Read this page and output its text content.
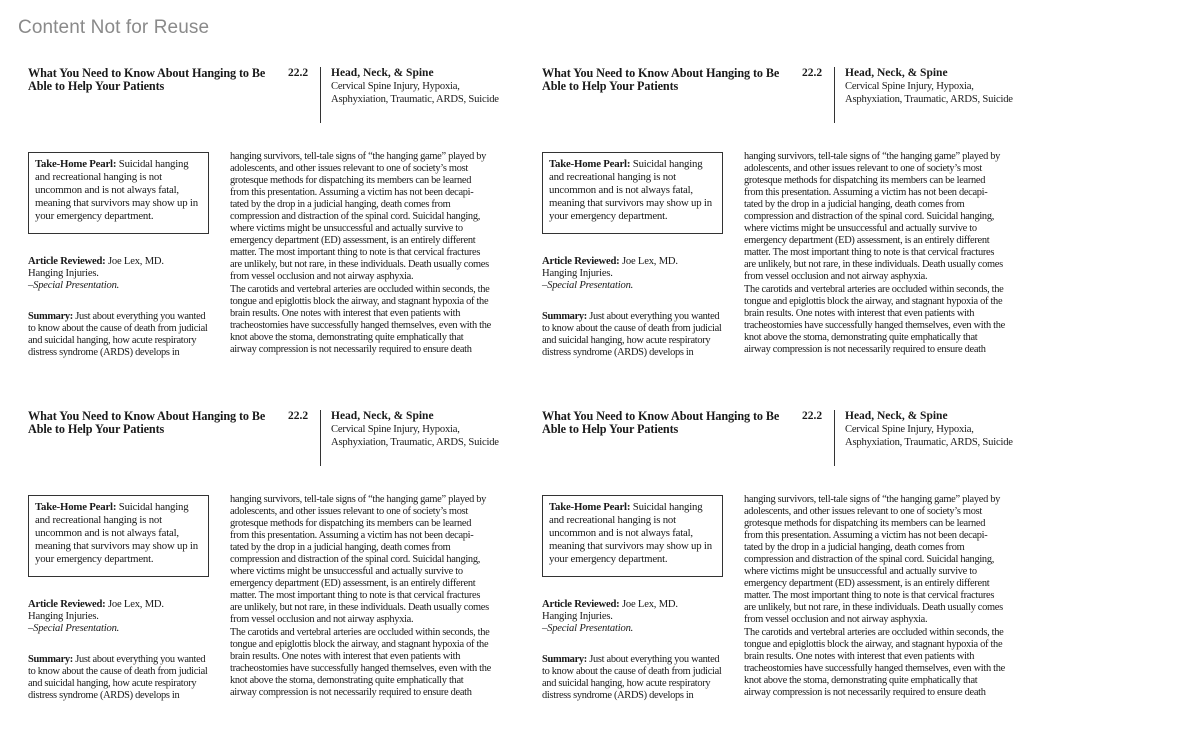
Content Not for Reuse
What You Need to Know About Hanging to Be Able to Help Your Patients
22.2 Head, Neck, & Spine
Cervical Spine Injury, Hypoxia, Asphyxiation, Traumatic, ARDS, Suicide
Take-Home Pearl: Suicidal hanging and recreational hanging is not uncommon and is not always fatal, meaning that survivors may show up in your emergency department.
Article Reviewed: Joe Lex, MD.
Hanging Injuries.
–Special Presentation.
Summary: Just about everything you wanted to know about the cause of death from judicial and suicidal hanging, how acute respiratory distress syndrome (ARDS) develops in

hanging survivors, tell-tale signs of “the hanging game” played by adolescents, and other issues relevant to one of society’s most grotesque methods for dispatching its members can be learned from this presentation. Assuming a victim has not been decapi-tated by the drop in a judicial hanging, death comes from compression and distraction of the spinal cord. Suicidal hanging, where victims might be unsuccessful and actually survive to emergency department (ED) assessment, is an entirely different matter. The most important thing to note is that cervical fractures are unlikely, but not rare, in these individuals. Death usually comes from vessel occlusion and not airway asphyxia.

The carotids and vertebral arteries are occluded within seconds, the tongue and epiglottis block the airway, and stagnant hypoxia of the brain results. One notes with interest that even patients with tracheostomies have successfully hanged themselves, even with the knot above the stoma, demonstrating quite emphatically that airway compression is not necessarily required to ensure death

What You Need to Know About Hanging to Be Able to Help Your Patients
22.2 Head, Neck, & Spine
Cervical Spine Injury, Hypoxia, Asphyxiation, Traumatic, ARDS, Suicide
Take-Home Pearl: Suicidal hanging and recreational hanging is not uncommon and is not always fatal, meaning that survivors may show up in your emergency department.
Article Reviewed: Joe Lex, MD.
Hanging Injuries.
–Special Presentation.
Summary: Just about everything you wanted to know about the cause of death from judicial and suicidal hanging, how acute respiratory distress syndrome (ARDS) develops in

hanging survivors, tell-tale signs of “the hanging game” played by adolescents, and other issues relevant to one of society’s most grotesque methods for dispatching its members can be learned from this presentation. Assuming a victim has not been decapi-tated by the drop in a judicial hanging, death comes from compression and distraction of the spinal cord. Suicidal hanging, where victims might be unsuccessful and actually survive to emergency department (ED) assessment, is an entirely different matter. The most important thing to note is that cervical fractures are unlikely, but not rare, in these individuals. Death usually comes from vessel occlusion and not airway asphyxia.

The carotids and vertebral arteries are occluded within seconds, the tongue and epiglottis block the airway, and stagnant hypoxia of the brain results. One notes with interest that even patients with tracheostomies have successfully hanged themselves, even with the knot above the stoma, demonstrating quite emphatically that airway compression is not necessarily required to ensure death

What You Need to Know About Hanging to Be Able to Help Your Patients
22.2 Head, Neck, & Spine
Cervical Spine Injury, Hypoxia, Asphyxiation, Traumatic, ARDS, Suicide
Take-Home Pearl: Suicidal hanging and recreational hanging is not uncommon and is not always fatal, meaning that survivors may show up in your emergency department.
Article Reviewed: Joe Lex, MD.
Hanging Injuries.
–Special Presentation.
Summary: Just about everything you wanted to know about the cause of death from judicial and suicidal hanging, how acute respiratory distress syndrome (ARDS) develops in

hanging survivors, tell-tale signs of “the hanging game” played by adolescents, and other issues relevant to one of society’s most grotesque methods for dispatching its members can be learned from this presentation. Assuming a victim has not been decapi-tated by the drop in a judicial hanging, death comes from compression and distraction of the spinal cord. Suicidal hanging, where victims might be unsuccessful and actually survive to emergency department (ED) assessment, is an entirely different matter. The most important thing to note is that cervical fractures are unlikely, but not rare, in these individuals. Death usually comes from vessel occlusion and not airway asphyxia.

The carotids and vertebral arteries are occluded within seconds, the tongue and epiglottis block the airway, and stagnant hypoxia of the brain results. One notes with interest that even patients with tracheostomies have successfully hanged themselves, even with the knot above the stoma, demonstrating quite emphatically that airway compression is not necessarily required to ensure death

What You Need to Know About Hanging to Be Able to Help Your Patients
22.2 Head, Neck, & Spine
Cervical Spine Injury, Hypoxia, Asphyxiation, Traumatic, ARDS, Suicide
Take-Home Pearl: Suicidal hanging and recreational hanging is not uncommon and is not always fatal, meaning that survivors may show up in your emergency department.
Article Reviewed: Joe Lex, MD.
Hanging Injuries.
–Special Presentation.
Summary: Just about everything you wanted to know about the cause of death from judicial and suicidal hanging, how acute respiratory distress syndrome (ARDS) develops in

hanging survivors, tell-tale signs of “the hanging game” played by adolescents, and other issues relevant to one of society’s most grotesque methods for dispatching its members can be learned from this presentation. Assuming a victim has not been decapi-tated by the drop in a judicial hanging, death comes from compression and distraction of the spinal cord. Suicidal hanging, where victims might be unsuccessful and actually survive to emergency department (ED) assessment, is an entirely different matter. The most important thing to note is that cervical fractures are unlikely, but not rare, in these individuals. Death usually comes from vessel occlusion and not airway asphyxia.

The carotids and vertebral arteries are occluded within seconds, the tongue and epiglottis block the airway, and stagnant hypoxia of the brain results. One notes with interest that even patients with tracheostomies have successfully hanged themselves, even with the knot above the stoma, demonstrating quite emphatically that airway compression is not necessarily required to ensure death
